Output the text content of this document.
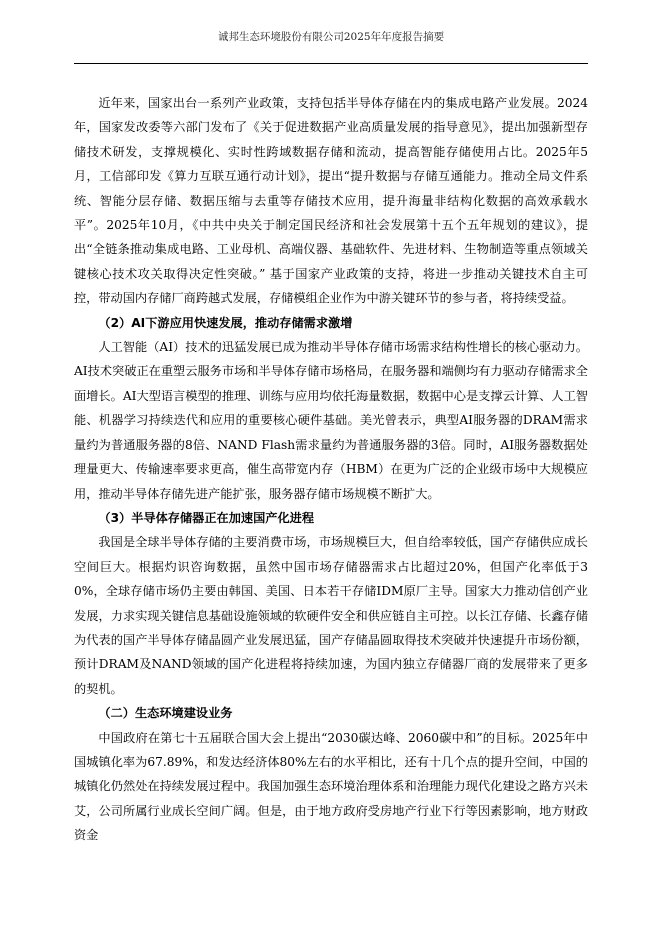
诚邦生态环境股份有限公司2025年年度报告摘要

近年来，国家出台一系列产业政策，支持包括半导体存储在内的集成电路产业发展。2024年，国家发改委等六部门发布了《关于促进数据产业高质量发展的指导意见》，提出加强新型存储技术研发，支撑规模化、实时性跨域数据存储和流动，提高智能存储使用占比。2025年5月，工信部印发《算力互联互通行动计划》，提出“提升数据与存储互通能力。推动全局文件系统、智能分层存储、数据压缩与去重等存储技术应用，提升海量非结构化数据的高效承载水平”。2025年10月，《中共中央关于制定国民经济和社会发展第十五个五年规划的建议》，提出“全链条推动集成电路、工业母机、高端仪器、基础软件、先进材料、生物制造等重点领域关键核心技术攻关取得决定性突破。” 基于国家产业政策的支持，将进一步推动关键技术自主可控，带动国内存储厂商跨越式发展，存储模组企业作为中游关键环节的参与者，将持续受益。

（2）AI下游应用快速发展，推动存储需求激增

人工智能（AI）技术的迅猛发展已成为推动半导体存储市场需求结构性增长的核心驱动力。AI技术突破正在重塑云服务市场和半导体存储市场格局，在服务器和端侧均有力驱动存储需求全面增长。AI大型语言模型的推理、训练与应用均依托海量数据，数据中心是支撑云计算、人工智能、机器学习持续迭代和应用的重要核心硬件基础。美光曾表示，典型AI服务器的DRAM需求量约为普通服务器的8倍、NAND Flash需求量约为普通服务器的3倍。同时，AI服务器数据处理量更大、传输速率要求更高，催生高带宽内存（HBM）在更为广泛的企业级市场中大规模应用，推动半导体存储先进产能扩张，服务器存储市场规模不断扩大。

（3）半导体存储器正在加速国产化进程

我国是全球半导体存储的主要消费市场，市场规模巨大，但自给率较低，国产存储供应成长空间巨大。根据灼识咨询数据，虽然中国市场存储器需求占比超过20%，但国产化率低于30%，全球存储市场仍主要由韩国、美国、日本若干存储IDM原厂主导。国家大力推动信创产业发展，力求实现关键信息基础设施领域的软硬件安全和供应链自主可控。以长江存储、长鑫存储为代表的国产半导体存储晶圆产业发展迅猛，国产存储晶圆取得技术突破并快速提升市场份额，预计DRAM及NAND领域的国产化进程将持续加速，为国内独立存储器厂商的发展带来了更多的契机。

（二）生态环境建设业务

中国政府在第七十五届联合国大会上提出“2030碳达峰、2060碳中和”的目标。2025年中国城镇化率为67.89%，和发达经济体80%左右的水平相比，还有十几个点的提升空间，中国的城镇化仍然处在持续发展过程中。我国加强生态环境治理体系和治理能力现代化建设之路方兴未艾，公司所属行业成长空间广阔。但是，由于地方政府受房地产行业下行等因素影响，地方财政资金
